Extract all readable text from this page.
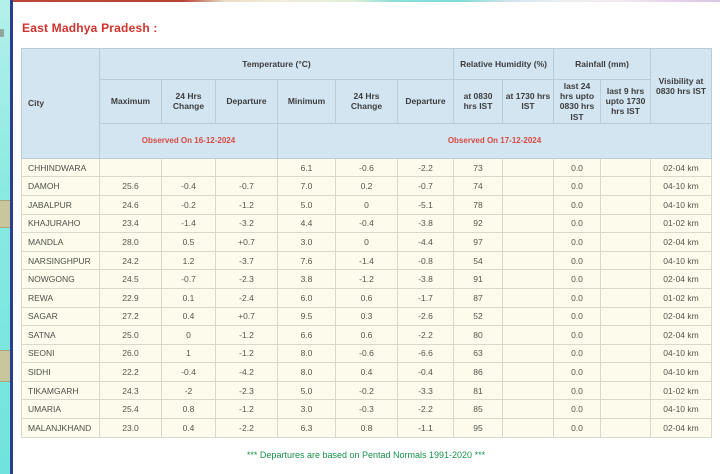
East Madhya Pradesh :
City	Temperature (°C)						Relative Humidity (%)		Rainfall (mm)		Visibility at 0830 hrs IST
	Maximum	24 Hrs Change	Departure	Minimum	24 Hrs Change	Departure	at 0830 hrs IST	at 1730 hrs IST	last 24 hrs upto 0830 hrs IST	last 9 hrs upto 1730 hrs IST	
	Observed On 16-12-2024			Observed On 17-12-2024							
CHHINDWARA				6.1	-0.6	-2.2	73		0.0		02-04 km
DAMOH	25.6	-0.4	-0.7	7.0	0.2	-0.7	74		0.0		04-10 km
JABALPUR	24.6	-0.2	-1.2	5.0	0	-5.1	78		0.0		04-10 km
KHAJURAHO	23.4	-1.4	-3.2	4.4	-0.4	-3.8	92		0.0		01-02 km
MANDLA	28.0	0.5	+0.7	3.0	0	-4.4	97		0.0		02-04 km
NARSINGHPUR	24.2	1.2	-3.7	7.6	-1.4	-0.8	54		0.0		04-10 km
NOWGONG	24.5	-0.7	-2.3	3.8	-1.2	-3.8	91		0.0		02-04 km
REWA	22.9	0.1	-2.4	6.0	0.6	-1.7	87		0.0		01-02 km
SAGAR	27.2	0.4	+0.7	9.5	0.3	-2.6	52		0.0		02-04 km
SATNA	25.0	0	-1.2	6.6	0.6	-2.2	80		0.0		02-04 km
SEONI	26.0	1	-1.2	8.0	-0.6	-6.6	63		0.0		04-10 km
SIDHI	22.2	-0.4	-4.2	8.0	0.4	-0.4	86		0.0		04-10 km
TIKAMGARH	24.3	-2	-2.3	5.0	-0.2	-3.3	81		0.0		01-02 km
UMARIA	25.4	0.8	-1.2	3.0	-0.3	-2.2	85		0.0		04-10 km
MALANJKHAND	23.0	0.4	-2.2	6.3	0.8	-1.1	95		0.0		02-04 km
*** Departures are based on Pentad Normals 1991-2020 ***
